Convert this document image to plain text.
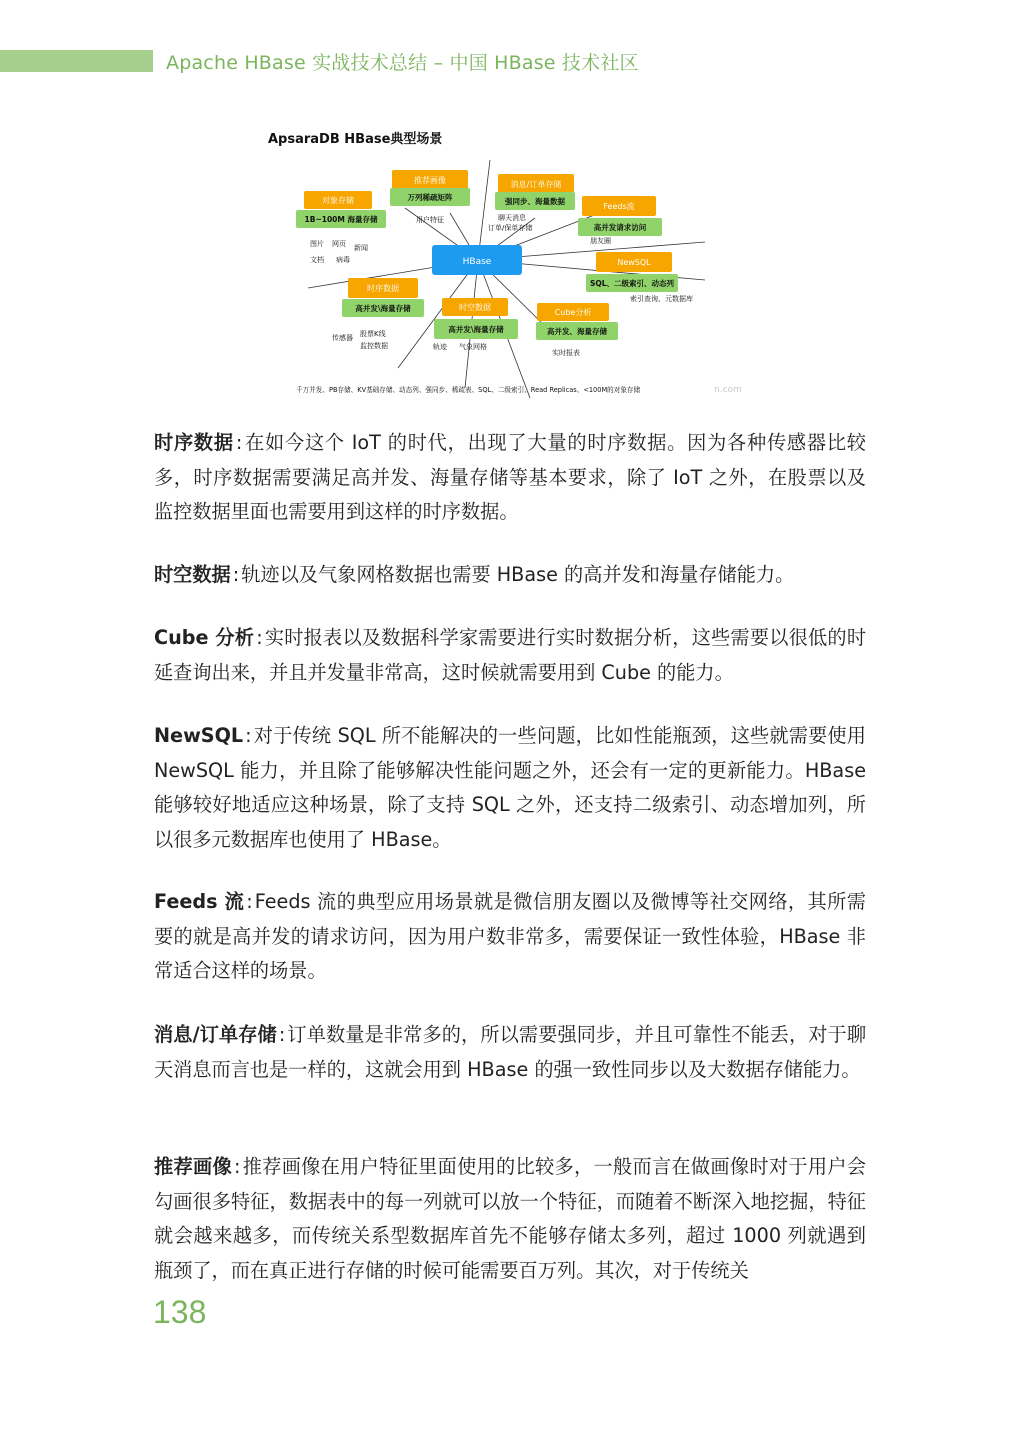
Apache HBase 实战技术总结 – 中国 HBase 技术社区
ApsaraDB HBase典型场景
HBase
推荐画像
万列稀疏矩阵
用户特征
消息/订单存储
强同步、海量数据
聊天消息
订单/保单存储
对象存储
1B~100M 海量存储
图片 网页 新闻
文档 病毒
Feeds流
高并发请求访问
朋友圈
NewSQL
SQL、二级索引、动态列
索引查询、元数据库
时序数据
高并发\海量存储
传感器 股票K线
监控数据
时空数据
高并发\海量存储
轨迹 气象网格
Cube分析
高并发、海量存储
实时报表
千万并发、PB存储、KV基础存储、动态列、强同步、稀疏表、SQL、二级索引、Read Replicas、<100M的对象存储	n.com
时序数据 : 在如今这个 IoT 的时代，出现了大量的时序数据。因为各种传感器比较多，时序数据需要满足高并发、海量存储等基本要求，除了 IoT 之外，在股票以及监控数据里面也需要用到这样的时序数据。
时空数据 : 轨迹以及气象网格数据也需要 HBase 的高并发和海量存储能力。
Cube 分析 : 实时报表以及数据科学家需要进行实时数据分析，这些需要以很低的时延查询出来，并且并发量非常高，这时候就需要用到 Cube 的能力。
NewSQL : 对于传统 SQL 所不能解决的一些问题，比如性能瓶颈，这些就需要使用 NewSQL 能力，并且除了能够解决性能问题之外，还会有一定的更新能力。HBase 能够较好地适应这种场景，除了支持 SQL 之外，还支持二级索引、动态增加列，所以很多元数据库也使用了 HBase。
Feeds 流 : Feeds 流的典型应用场景就是微信朋友圈以及微博等社交网络，其所需要的就是高并发的请求访问，因为用户数非常多，需要保证一致性体验，HBase 非常适合这样的场景。
消息/订单存储 : 订单数量是非常多的，所以需要强同步，并且可靠性不能丢，对于聊天消息而言也是一样的，这就会用到 HBase 的强一致性同步以及大数据存储能力。
推荐画像 : 推荐画像在用户特征里面使用的比较多，一般而言在做画像时对于用户会勾画很多特征，数据表中的每一列就可以放一个特征，而随着不断深入地挖掘，特征就会越来越多，而传统关系型数据库首先不能够存储太多列，超过 1000 列就遇到瓶颈了，而在真正进行存储的时候可能需要百万列。其次，对于传统关
138
